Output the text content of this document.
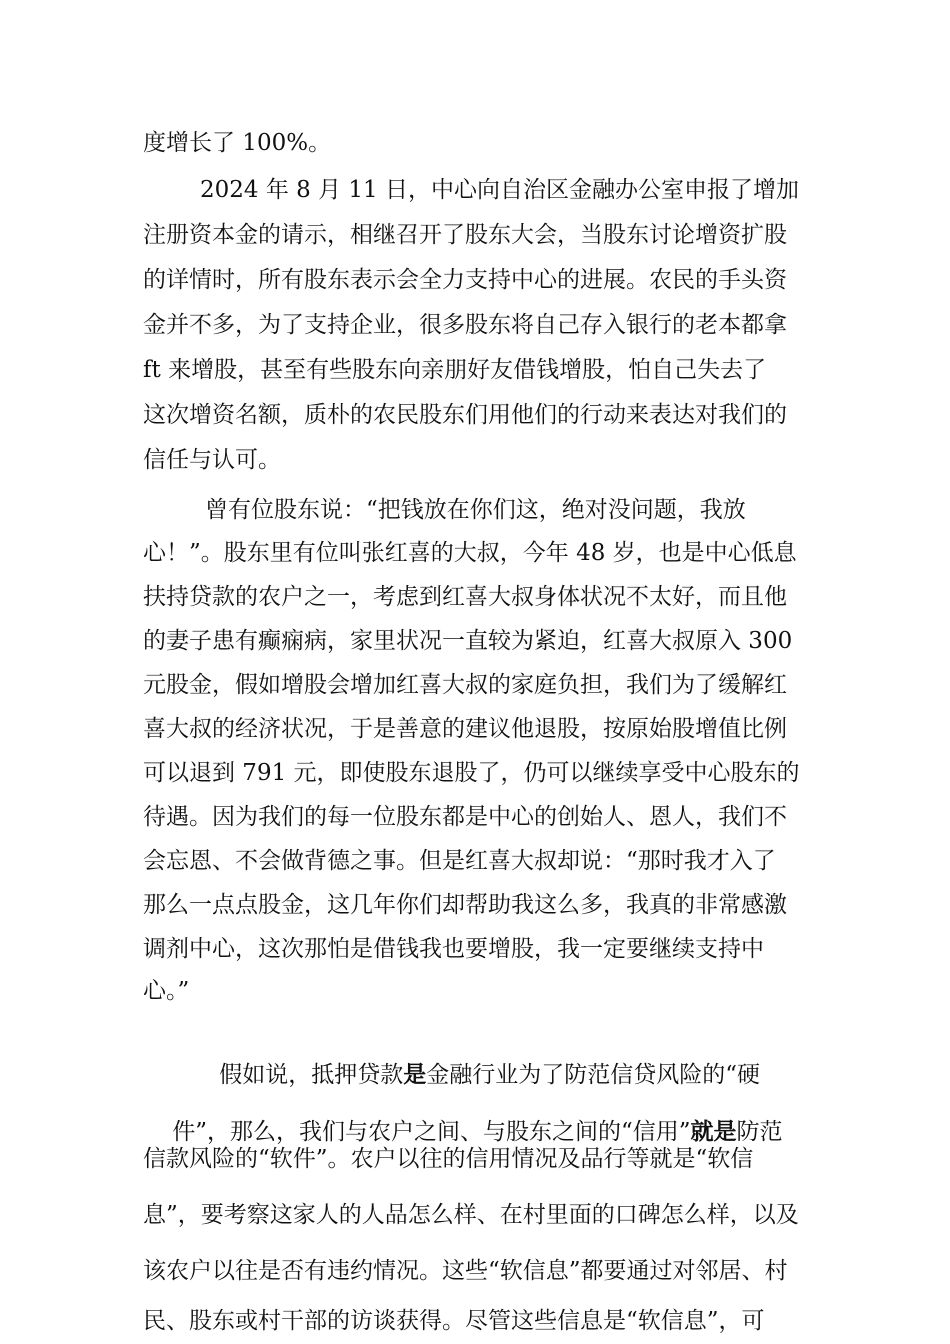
度增长了 100%。
2024 年 8 月 11 日，中心向自治区金融办公室申报了增加
注册资本金的请示，相继召开了股东大会，当股东讨论增资扩股
的详情时，所有股东表示会全力支持中心的进展。农民的手头资
金并不多，为了支持企业，很多股东将自己存入银行的老本都拿
ft 来增股，甚至有些股东向亲朋好友借钱增股，怕自己失去了
这次增资名额，质朴的农民股东们用他们的行动来表达对我们的
信任与认可。
曾有位股东说：“把钱放在你们这，绝对没问题，我放
心！”。股东里有位叫张红喜的大叔，今年 48 岁，也是中心低息
扶持贷款的农户之一，考虑到红喜大叔身体状况不太好，而且他
的妻子患有癫痫病，家里状况一直较为紧迫，红喜大叔原入 300
元股金，假如增股会增加红喜大叔的家庭负担，我们为了缓解红
喜大叔的经济状况，于是善意的建议他退股，按原始股增值比例
可以退到 791 元，即使股东退股了，仍可以继续享受中心股东的
待遇。因为我们的每一位股东都是中心的创始人、恩人，我们不
会忘恩、不会做背德之事。但是红喜大叔却说：“那时我才入了
那么一点点股金，这几年你们却帮助我这么多，我真的非常感激
调剂中心，这次那怕是借钱我也要增股，我一定要继续支持中
心。”

假如说，抵押贷款是金融行业为了防范信贷风险的“硬

件”，那么，我们与农户之间、与股东之间的“信用”就是防范

信款风险的“软件”。农户以往的信用情况及品行等就是“软信
息”，要考察这家人的人品怎么样、在村里面的口碑怎么样，以及
该农户以往是否有违约情况。这些“软信息”都要通过对邻居、村
民、股东或村干部的访谈获得。尽管这些信息是“软信息”，可
